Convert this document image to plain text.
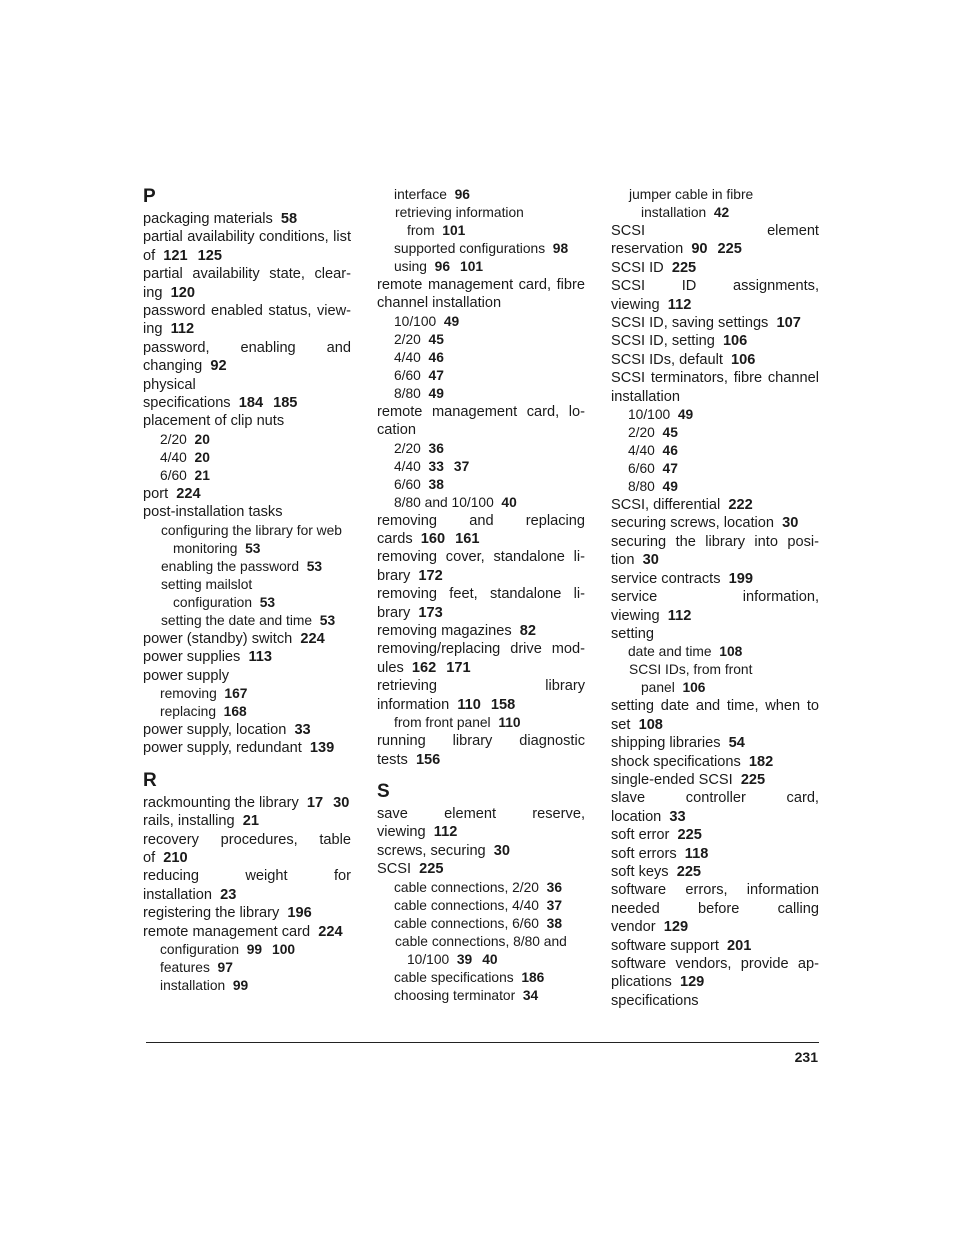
P
packaging materials 58
partial availability conditions, list of 121 125
partial availability state, clear-ing 120
password enabled status, view-ing 112
password, enabling and changing 92
physical specifications 184 185
placement of clip nuts
2/20 20
4/40 20
6/60 21
port 224
post-installation tasks
configuring the library for web monitoring 53
enabling the password 53
setting mailslot configuration 53
setting the date and time 53
power (standby) switch 224
power supplies 113
power supply
removing 167
replacing 168
power supply, location 33
power supply, redundant 139
R
rackmounting the library 17 30
rails, installing 21
recovery procedures, table of 210
reducing weight for installation 23
registering the library 196
remote management card 224
configuration 99 100
features 97
installation 99
interface 96
retrieving information from 101
supported configurations 98
using 96 101
remote management card, fibre channel installation
10/100 49
2/20 45
4/40 46
6/60 47
8/80 49
remote management card, lo-cation
2/20 36
4/40 33 37
6/60 38
8/80 and 10/100 40
removing and replacing cards 160 161
removing cover, standalone li-brary 172
removing feet, standalone li-brary 173
removing magazines 82
removing/replacing drive mod-ules 162 171
retrieving library information 110 158
from front panel 110
running library diagnostic tests 156
S
save element reserve, viewing 112
screws, securing 30
SCSI 225
cable connections, 2/20 36
cable connections, 4/40 37
cable connections, 6/60 38
cable connections, 8/80 and 10/100 39 40
cable specifications 186
choosing terminator 34
jumper cable in fibre installation 42
SCSI element reservation 90 225
SCSI ID 225
SCSI ID assignments, viewing 112
SCSI ID, saving settings 107
SCSI ID, setting 106
SCSI IDs, default 106
SCSI terminators, fibre channel installation
10/100 49
2/20 45
4/40 46
6/60 47
8/80 49
SCSI, differential 222
securing screws, location 30
securing the library into posi-tion 30
service contracts 199
service information, viewing 112
setting
date and time 108
SCSI IDs, from front panel 106
setting date and time, when to set 108
shipping libraries 54
shock specifications 182
single-ended SCSI 225
slave controller card, location 33
soft error 225
soft errors 118
soft keys 225
software errors, information needed before calling vendor 129
software support 201
software vendors, provide ap-plications 129
specifications
231
